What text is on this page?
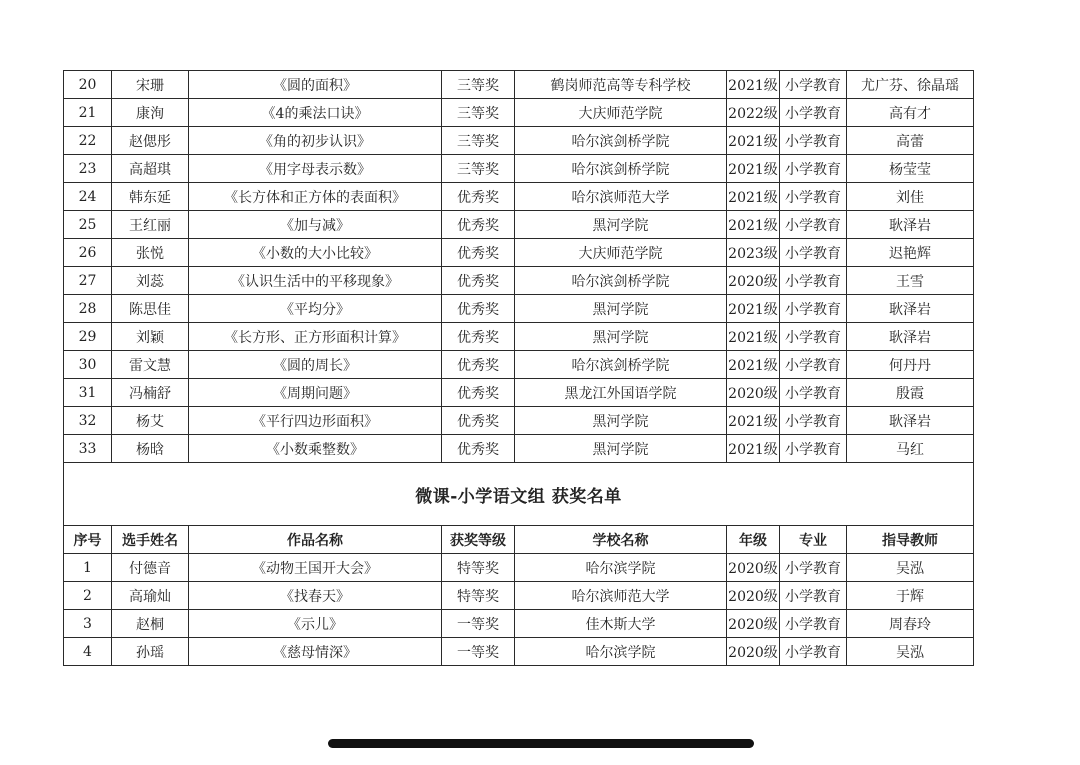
20	宋珊	《圆的面积》	三等奖	鹤岗师范高等专科学校	2021级	小学教育	尤广芬、徐晶瑶
21	康洵	《4的乘法口诀》	三等奖	大庆师范学院	2022级	小学教育	高有才
22	赵偲彤	《角的初步认识》	三等奖	哈尔滨剑桥学院	2021级	小学教育	高蕾
23	高超琪	《用字母表示数》	三等奖	哈尔滨剑桥学院	2021级	小学教育	杨莹莹
24	韩东延	《长方体和正方体的表面积》	优秀奖	哈尔滨师范大学	2021级	小学教育	刘佳
25	王红丽	《加与减》	优秀奖	黑河学院	2021级	小学教育	耿泽岩
26	张悦	《小数的大小比较》	优秀奖	大庆师范学院	2023级	小学教育	迟艳辉
27	刘蕊	《认识生活中的平移现象》	优秀奖	哈尔滨剑桥学院	2020级	小学教育	王雪
28	陈思佳	《平均分》	优秀奖	黑河学院	2021级	小学教育	耿泽岩
29	刘颖	《长方形、正方形面积计算》	优秀奖	黑河学院	2021级	小学教育	耿泽岩
30	雷文慧	《圆的周长》	优秀奖	哈尔滨剑桥学院	2021级	小学教育	何丹丹
31	冯楠舒	《周期问题》	优秀奖	黑龙江外国语学院	2020级	小学教育	殷霞
32	杨艾	《平行四边形面积》	优秀奖	黑河学院	2021级	小学教育	耿泽岩
33	杨晗	《小数乘整数》	优秀奖	黑河学院	2021级	小学教育	马红
微课-小学语文组 获奖名单							
序号	选手姓名	作品名称	获奖等级	学校名称	年级	专业	指导教师
1	付德音	《动物王国开大会》	特等奖	哈尔滨学院	2020级	小学教育	吴泓
2	高瑜灿	《找春天》	特等奖	哈尔滨师范大学	2020级	小学教育	于辉
3	赵桐	《示儿》	一等奖	佳木斯大学	2020级	小学教育	周春玲
4	孙瑶	《慈母情深》	一等奖	哈尔滨学院	2020级	小学教育	吴泓
